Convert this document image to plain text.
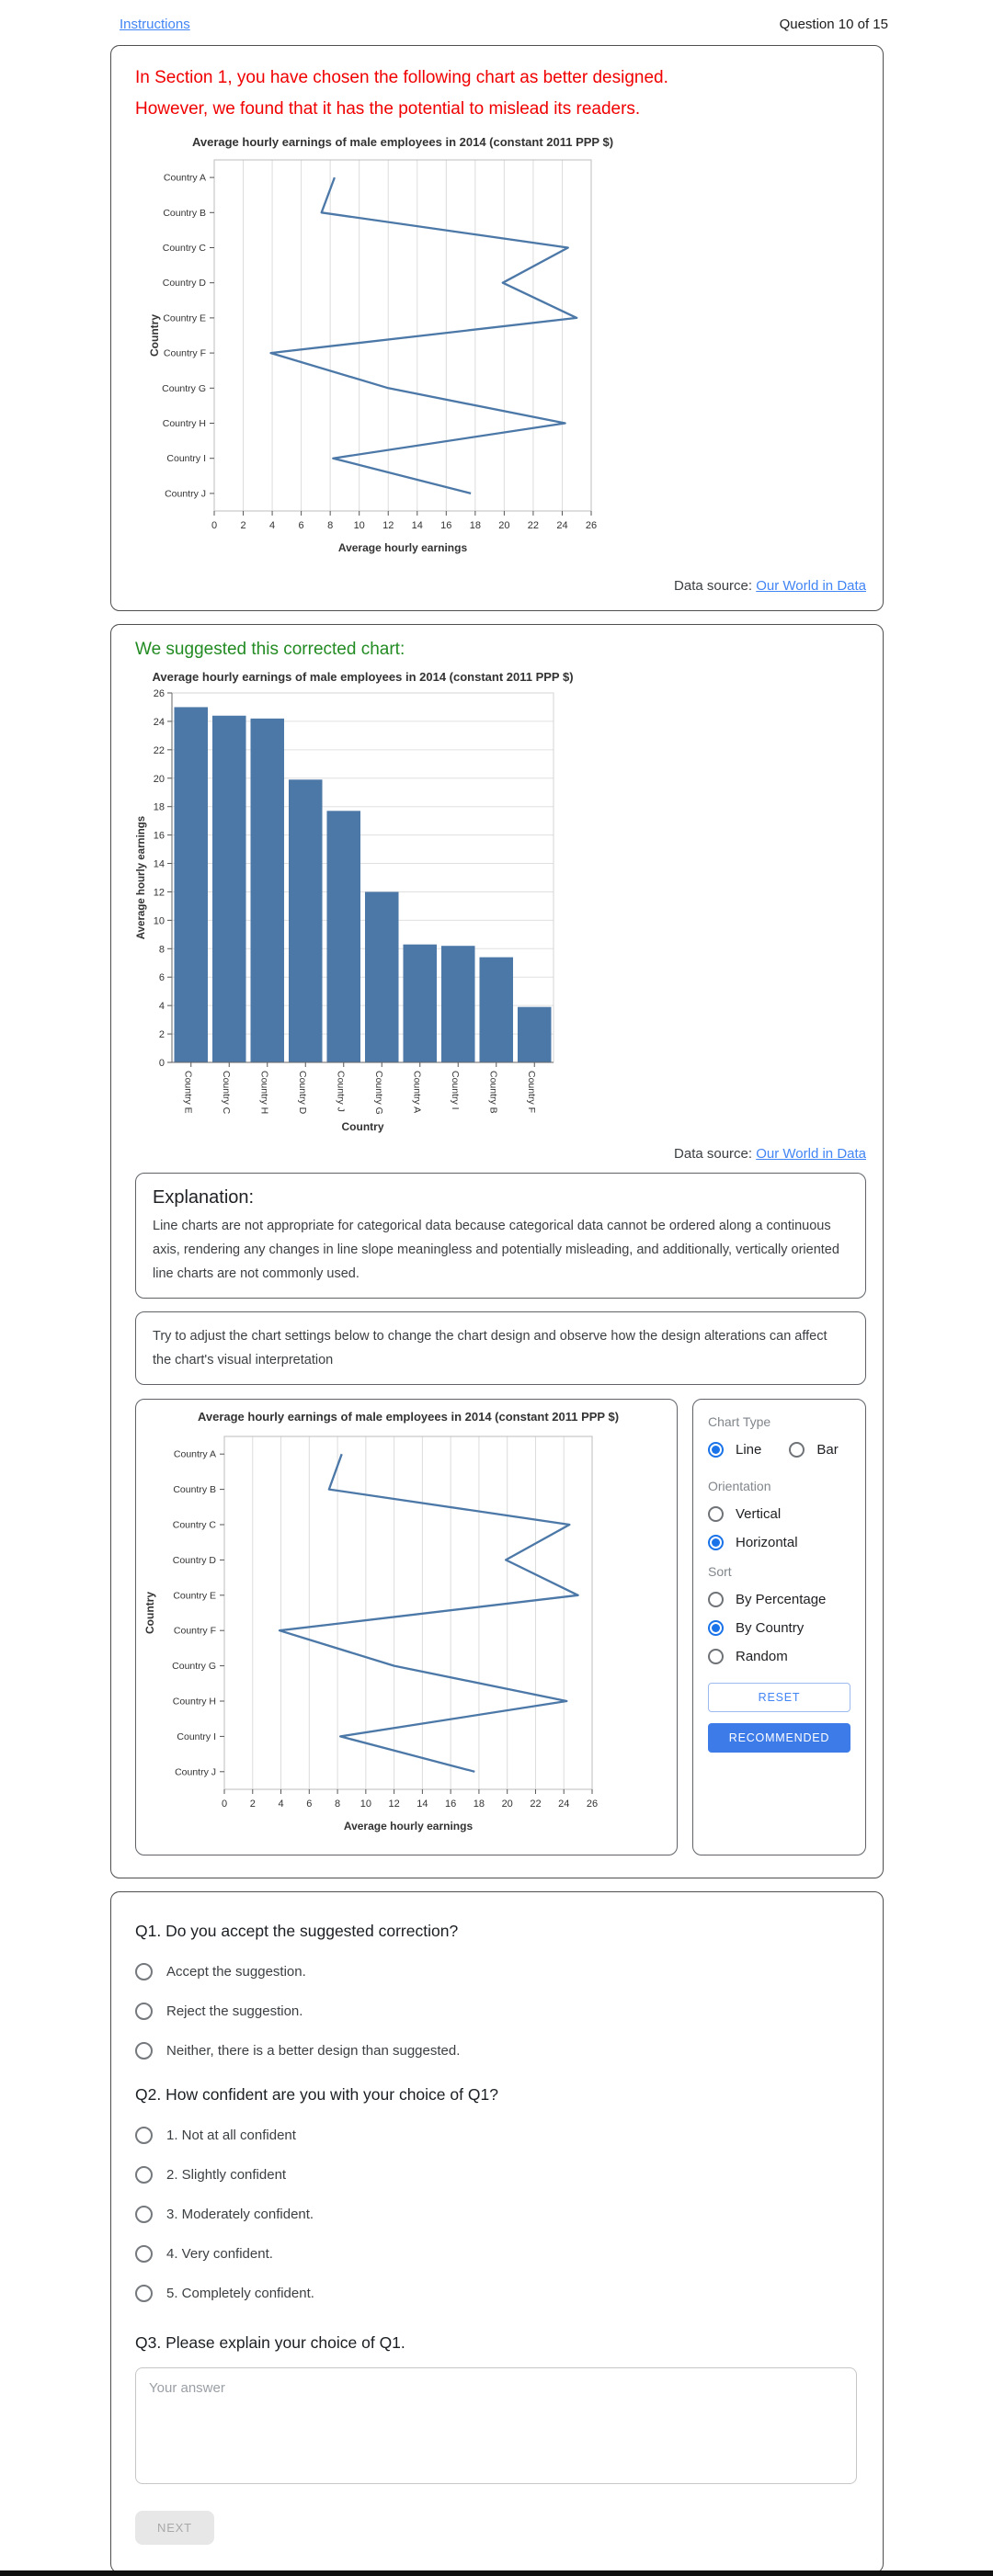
Instructions	Question 10 of 15
In Section 1, you have chosen the following chart as better designed.
However, we found that it has the potential to mislead its readers.
0 2 4 6 8 10 12 14 16 18 20 22 24 26
Country A
Country B
Country C
Country D
Country E
Country F
Country G
Country H
Country I
Country J
Average hourly earnings
Country
Average hourly earnings of male employees in 2014 (constant 2011 PPP $)
Data source: Our World in Data
We suggested this corrected chart:
0
2
4
6
8
10
12
14
16
18
20
22
24
26
Country E	Country C	Country H	Country D	Country J	Country G	Country A	Country I	Country B	Country F
Country
Average hourly earnings
Average hourly earnings of male employees in 2014 (constant 2011 PPP $)
Data source: Our World in Data
Explanation:
Line charts are not appropriate for categorical data because categorical data cannot be ordered along a continuous axis, rendering any changes in line slope meaningless and potentially misleading, and additionally, vertically oriented line charts are not commonly used.
Try to adjust the chart settings below to change the chart design and observe how the design alterations can affect the chart's visual interpretation
0 2 4 6 8 10 12 14 16 18 20 22 24 26
Country A
Country B
Country C
Country D
Country E
Country F
Country G
Country H
Country I
Country J
Average hourly earnings
Country
Average hourly earnings of male employees in 2014 (constant 2011 PPP $)	Chart Type
Line	Bar
Orientation
Vertical
Horizontal
Sort
By Percentage
By Country
Random
RESET
RECOMMENDED
Q1. Do you accept the suggested correction?
Accept the suggestion.
Reject the suggestion.
Neither, there is a better design than suggested.
Q2. How confident are you with your choice of Q1?
1. Not at all confident
2. Slightly confident
3. Moderately confident.
4. Very confident.
5. Completely confident.
Q3. Please explain your choice of Q1.
Your answer NEXT
